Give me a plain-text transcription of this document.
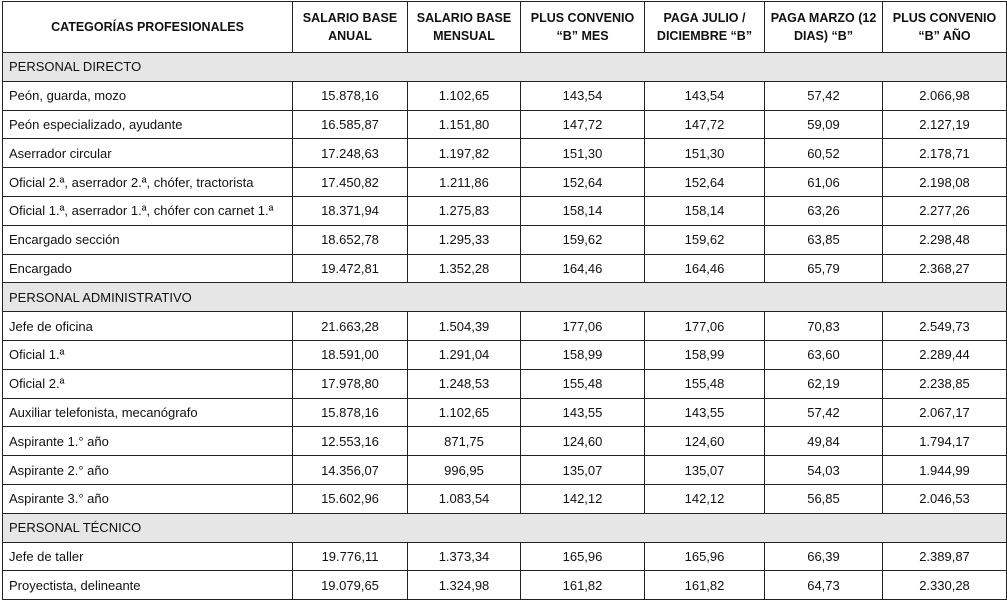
CATEGORÍAS PROFESIONALES	SALARIO BASE ANUAL	SALARIO BASE MENSUAL	PLUS CONVENIO “B” MES	PAGA JULIO / DICIEMBRE “B”	PAGA MARZO (12 DIAS) “B”	PLUS CONVENIO “B” AÑO
PERSONAL DIRECTO						
Peón, guarda, mozo	15.878,16	1.102,65	143,54	143,54	57,42	2.066,98
Peón especializado, ayudante	16.585,87	1.151,80	147,72	147,72	59,09	2.127,19
Aserrador circular	17.248,63	1.197,82	151,30	151,30	60,52	2.178,71
Oficial 2.ª, aserrador 2.ª, chófer, tractorista	17.450,82	1.211,86	152,64	152,64	61,06	2.198,08
Oficial 1.ª, aserrador 1.ª, chófer con carnet 1.ª	18.371,94	1.275,83	158,14	158,14	63,26	2.277,26
Encargado sección	18.652,78	1.295,33	159,62	159,62	63,85	2.298,48
Encargado	19.472,81	1.352,28	164,46	164,46	65,79	2.368,27
PERSONAL ADMINISTRATIVO						
Jefe de oficina	21.663,28	1.504,39	177,06	177,06	70,83	2.549,73
Oficial 1.ª	18.591,00	1.291,04	158,99	158,99	63,60	2.289,44
Oficial 2.ª	17.978,80	1.248,53	155,48	155,48	62,19	2.238,85
Auxiliar telefonista, mecanógrafo	15.878,16	1.102,65	143,55	143,55	57,42	2.067,17
Aspirante 1.° año	12.553,16	871,75	124,60	124,60	49,84	1.794,17
Aspirante 2.° año	14.356,07	996,95	135,07	135,07	54,03	1.944,99
Aspirante 3.° año	15.602,96	1.083,54	142,12	142,12	56,85	2.046,53
PERSONAL TÉCNICO						
Jefe de taller	19.776,11	1.373,34	165,96	165,96	66,39	2.389,87
Proyectista, delineante	19.079,65	1.324,98	161,82	161,82	64,73	2.330,28
